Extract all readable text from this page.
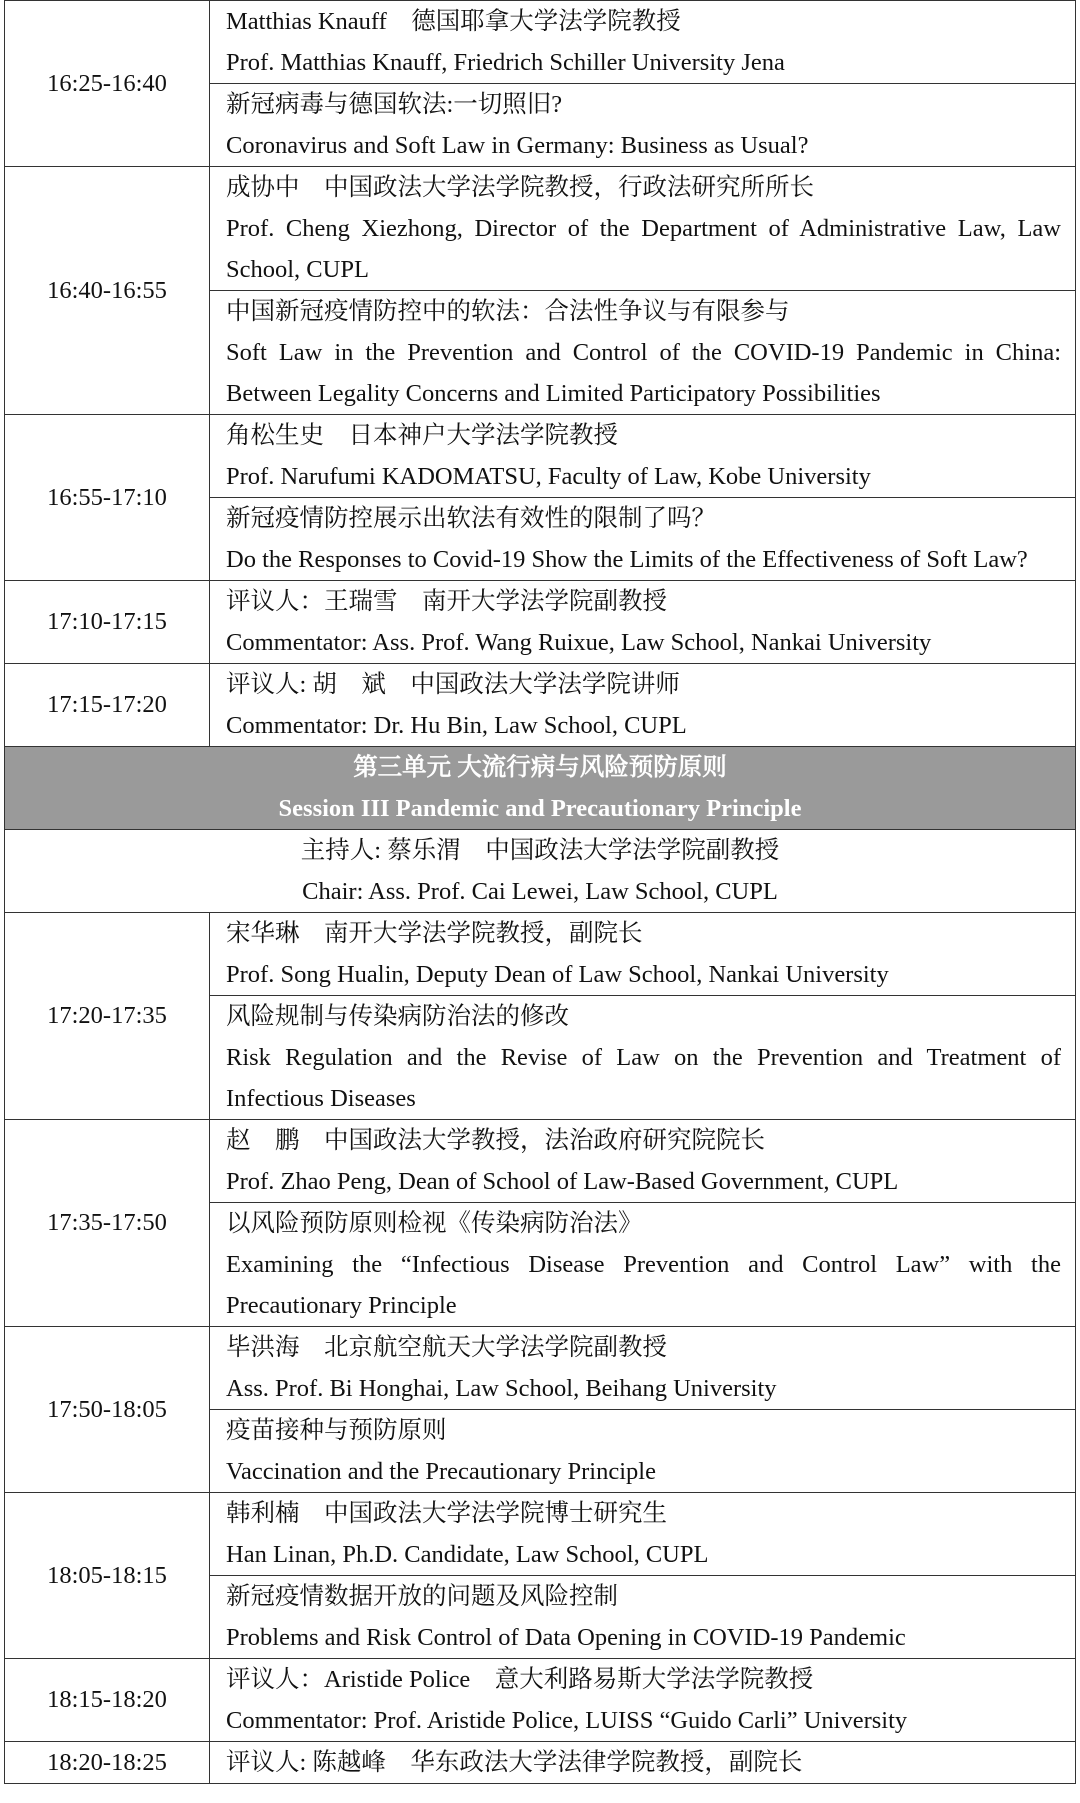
16:25-16:40	Matthias Knauff　德国耶拿大学法学院教授
Prof. Matthias Knauff, Friedrich Schiller University Jena
新冠病毒与德国软法:一切照旧?
Coronavirus and Soft Law in Germany: Business as Usual?

16:40-16:55	成协中　中国政法大学法学院教授，行政法研究所所长
Prof. Cheng Xiezhong, Director of the Department of Administrative Law, Law School, CUPL
中国新冠疫情防控中的软法：合法性争议与有限参与
Soft Law in the Prevention and Control of the COVID-19 Pandemic in China: Between Legality Concerns and Limited Participatory Possibilities

16:55-17:10	角松生史　日本神户大学法学院教授
Prof. Narufumi KADOMATSU, Faculty of Law, Kobe University
新冠疫情防控展示出软法有效性的限制了吗？
Do the Responses to Covid-19 Show the Limits of the Effectiveness of Soft Law?

17:10-17:15	评议人：王瑞雪　南开大学法学院副教授
Commentator: Ass. Prof. Wang Ruixue, Law School, Nankai University

17:15-17:20	评议人: 胡　斌　中国政法大学法学院讲师
Commentator: Dr. Hu Bin, Law School, CUPL

第三单元 大流行病与风险预防原则
Session III Pandemic and Precautionary Principle	

主持人: 蔡乐渭　中国政法大学法学院副教授
Chair: Ass. Prof. Cai Lewei, Law School, CUPL	

17:20-17:35	宋华琳　南开大学法学院教授，副院长
Prof. Song Hualin, Deputy Dean of Law School, Nankai University
风险规制与传染病防治法的修改
Risk Regulation and the Revise of Law on the Prevention and Treatment of Infectious Diseases

17:35-17:50	赵　鹏　中国政法大学教授，法治政府研究院院长
Prof. Zhao Peng, Dean of School of Law-Based Government, CUPL
以风险预防原则检视《传染病防治法》
Examining the “Infectious Disease Prevention and Control Law” with the Precautionary Principle

17:50-18:05	毕洪海　北京航空航天大学法学院副教授
Ass. Prof. Bi Honghai, Law School, Beihang University
疫苗接种与预防原则
Vaccination and the Precautionary Principle

18:05-18:15	韩利楠　中国政法大学法学院博士研究生
Han Linan, Ph.D. Candidate, Law School, CUPL
新冠疫情数据开放的问题及风险控制
Problems and Risk Control of Data Opening in COVID-19 Pandemic

18:15-18:20	评议人：Aristide Police　意大利路易斯大学法学院教授
Commentator: Prof. Aristide Police, LUISS “Guido Carli” University

18:20-18:25	评议人: 陈越峰　华东政法大学法律学院教授，副院长
